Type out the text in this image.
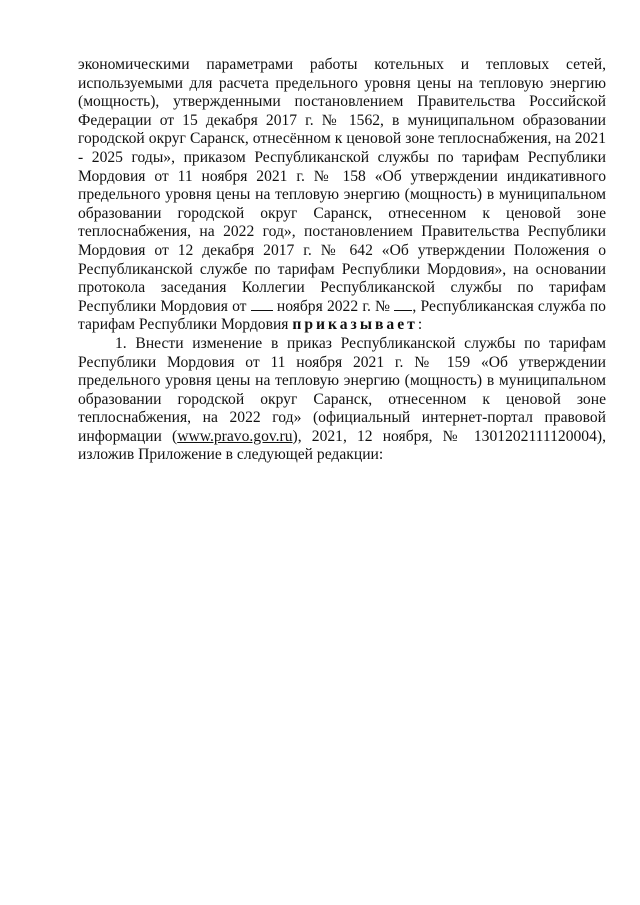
экономическими параметрами работы котельных и тепловых сетей, используемыми для расчета предельного уровня цены на тепловую энергию (мощность), утвержденными постановлением Правительства Российской Федерации от 15 декабря 2017 г. № 1562, в муниципальном образовании городской округ Саранск, отнесённом к ценовой зоне теплоснабжения, на 2021 - 2025 годы», приказом Республиканской службы по тарифам Республики Мордовия от 11 ноября 2021 г. № 158 «Об утверждении индикативного предельного уровня цены на тепловую энергию (мощность) в муниципальном образовании городской округ Саранск, отнесенном к ценовой зоне теплоснабжения, на 2022 год», постановлением Правительства Республики Мордовия от 12 декабря 2017 г. № 642 «Об утверждении Положения о Республиканской службе по тарифам Республики Мордовия», на основании протокола заседания Коллегии Республиканской службы по тарифам Республики Мордовия от ноября 2022 г. № , Республиканская служба по тарифам Республики Мордовия приказывает:

1. Внести изменение в приказ Республиканской службы по тарифам Республики Мордовия от 11 ноября 2021 г. № 159 «Об утверждении предельного уровня цены на тепловую энергию (мощность) в муниципальном образовании городской округ Саранск, отнесенном к ценовой зоне теплоснабжения, на 2022 год» (официальный интернет-портал правовой информации (www.pravo.gov.ru), 2021, 12 ноября, № 1301202111120004), изложив Приложение в следующей редакции:
